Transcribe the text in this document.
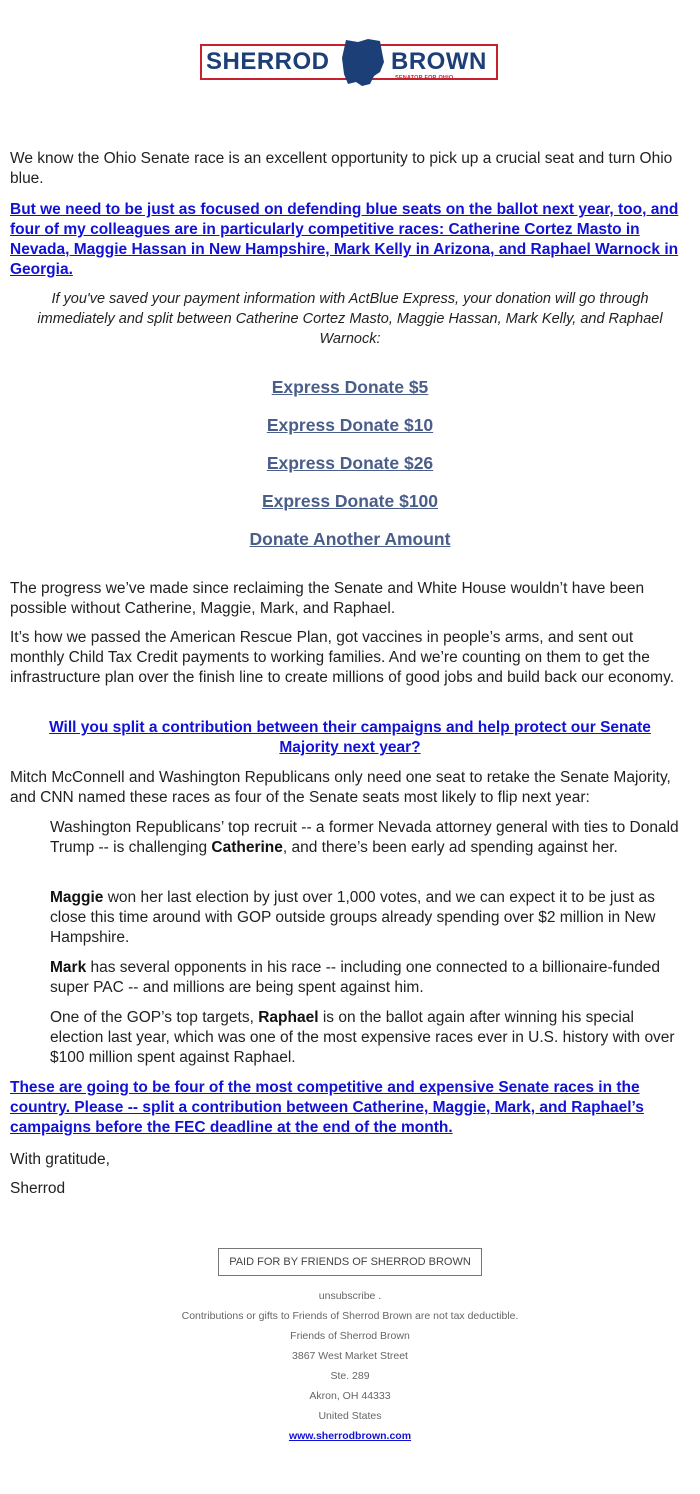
SHERROD	BROWN
SENATOR FOR OHIO

We know the Ohio Senate race is an excellent opportunity to pick up a crucial seat and turn Ohio blue.

But we need to be just as focused on defending blue seats on the ballot next year, too, and four of my colleagues are in particularly competitive races: Catherine Cortez Masto in Nevada, Maggie Hassan in New Hampshire, Mark Kelly in Arizona, and Raphael Warnock in Georgia.

If you've saved your payment information with ActBlue Express, your donation will go through immediately and split between Catherine Cortez Masto, Maggie Hassan, Mark Kelly, and Raphael Warnock:

Express Donate $5
Express Donate $10
Express Donate $26
Express Donate $100
Donate Another Amount

The progress we’ve made since reclaiming the Senate and White House wouldn’t have been possible without Catherine, Maggie, Mark, and Raphael.

It’s how we passed the American Rescue Plan, got vaccines in people’s arms, and sent out monthly Child Tax Credit payments to working families. And we’re counting on them to get the infrastructure plan over the finish line to create millions of good jobs and build back our economy.

Will you split a contribution between their campaigns and help protect our Senate Majority next year?

Mitch McConnell and Washington Republicans only need one seat to retake the Senate Majority, and CNN named these races as four of the Senate seats most likely to flip next year:

Washington Republicans’ top recruit -- a former Nevada attorney general with ties to Donald Trump -- is challenging Catherine, and there’s been early ad spending against her.

Maggie won her last election by just over 1,000 votes, and we can expect it to be just as close this time around with GOP outside groups already spending over $2 million in New Hampshire.

Mark has several opponents in his race -- including one connected to a billionaire-funded super PAC -- and millions are being spent against him.

One of the GOP’s top targets, Raphael is on the ballot again after winning his special election last year, which was one of the most expensive races ever in U.S. history with over $100 million spent against Raphael.

These are going to be four of the most competitive and expensive Senate races in the country. Please -- split a contribution between Catherine, Maggie, Mark, and Raphael’s campaigns before the FEC deadline at the end of the month.

With gratitude,

Sherrod

PAID FOR BY FRIENDS OF SHERROD BROWN
unsubscribe .
Contributions or gifts to Friends of Sherrod Brown are not tax deductible.
Friends of Sherrod Brown
3867 West Market Street
Ste. 289
Akron, OH 44333
United States
www.sherrodbrown.com
